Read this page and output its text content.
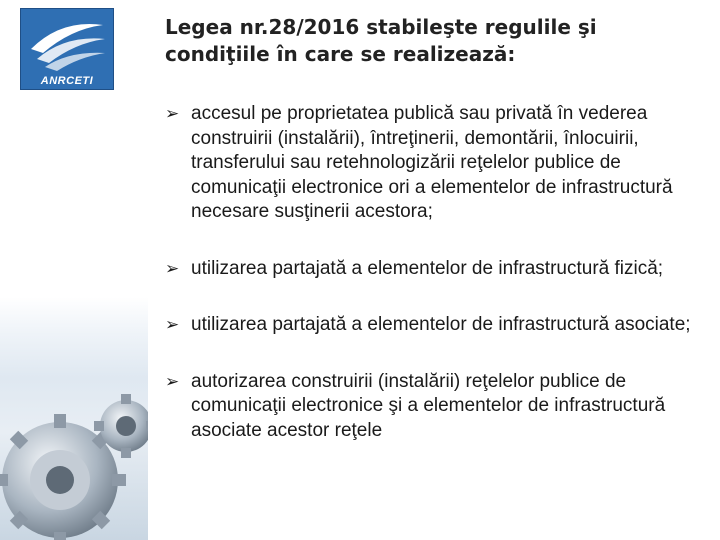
ANRCETI
Legea nr.28/2016 stabileşte regulile şi condiţiile în care se realizează:
➢ accesul pe proprietatea publică sau privată în vederea construirii (instalării), întreţinerii, demontării, înlocuirii, transferului sau retehnologizării reţelelor publice de comunicaţii electronice ori a elementelor de infrastructură necesare susţinerii acestora;
➢ utilizarea partajată a elementelor de infrastructură fizică;
➢ utilizarea partajată a elementelor de infrastructură asociate;
➢ autorizarea construirii (instalării) reţelelor publice de comunicaţii electronice şi a elementelor de infrastructură asociate acestor reţele
